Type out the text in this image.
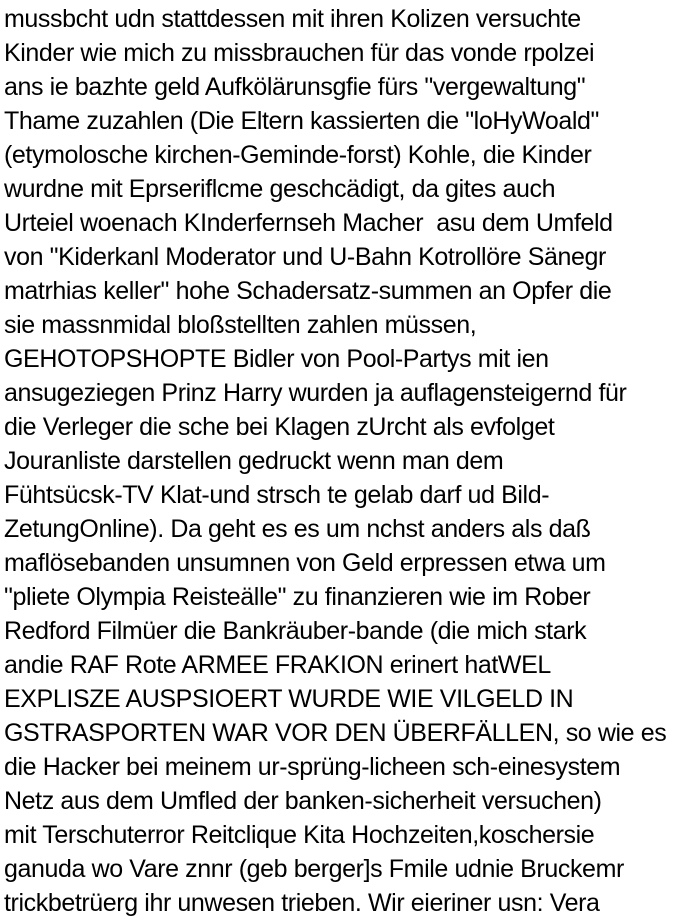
mussbcht udn stattdessen mit ihren Kolizen versuchte
Kinder wie mich zu missbrauchen für das vonde rpolzei
ans ie bazhte geld Aufkölärunsgfie fürs "vergewaltung"
Thame zuzahlen (Die Eltern kassierten die "loHyWoald"
(etymolosche kirchen-Geminde-forst) Kohle, die Kinder
wurdne mit Eprseriflcme geschcädigt, da gites auch
Urteiel woenach KInderfernseh Macher  asu dem Umfeld
von "Kiderkanl Moderator und U-Bahn Kotrollöre Sänegr
matrhias keller" hohe Schadersatz-summen an Opfer die
sie massnmidal bloßstellten zahlen müssen,
GEHOTOPSHOPTE Bidler von Pool-Partys mit ien
ansugeziegen Prinz Harry wurden ja auflagensteigernd für
die Verleger die sche bei Klagen zUrcht als evfolget
Jouranliste darstellen gedruckt wenn man dem
Fühtsücsk-TV Klat-und strsch te gelab darf ud Bild-
ZetungOnline). Da geht es es um nchst anders als daß
maflösebanden unsumnen von Geld erpressen etwa um
"pliete Olympia Reisteälle" zu finanzieren wie im Rober
Redford Filmüer die Bankräuber-bande (die mich stark
andie RAF Rote ARMEE FRAKION erinert hatWEL
EXPLISZE AUSPSIOERT WURDE WIE VILGELD IN
GSTRASPORTEN WAR VOR DEN ÜBERFÄLLEN, so wie es
die Hacker bei meinem ur-sprüng-licheen sch-einesystem
Netz aus dem Umfled der banken-sicherheit versuchen)
mit Terschuterror Reitclique Kita Hochzeiten,koschersie
ganuda wo Vare znnr (geb berger]s Fmile udnie Bruckemr
trickbetrüerg ihr unwesen trieben. Wir eieriner usn: Vera
